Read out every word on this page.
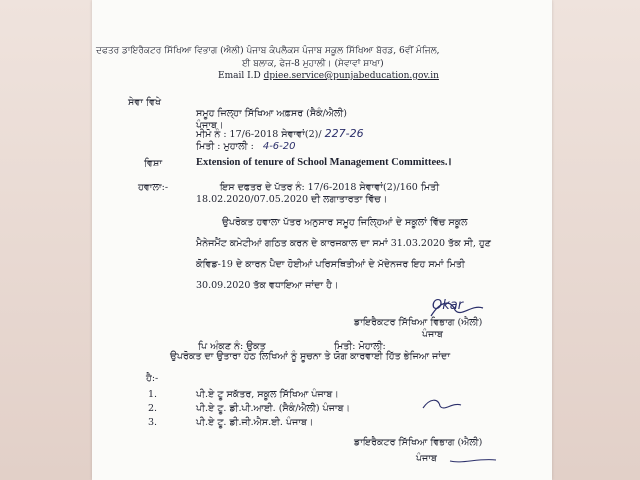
ਦਫਤਰ ਡਾਇਰੈਕਟਰ ਸਿੱਖਿਆ ਵਿਭਾਗ (ਐਲੀ) ਪੰਜਾਬ ਕੰਪਲੈਕਸ ਪੰਜਾਬ ਸਕੂਲ ਸਿੱਖਿਆ ਬੋਰਡ, 6ਵੀਂ ਮੰਜਿਲ,
ਈ ਬਲਾਕ, ਫੇਜ-8 ਮੁਹਾਲੀ। (ਸੇਵਾਵਾਂ ਸ਼ਾਖਾ)
Email I.D dpiee.service@punjabeducation.gov.in
ਸੇਵਾ ਵਿਖੇ
ਸਮੂਹ ਜਿਲ੍ਹਾ ਸਿੱਖਿਆ ਅਫ਼ਸਰ (ਸੈਕੰ/ਐਲੀ)
ਪੰਜਾਬ।
ਮੀਮੋ ਨੰ : 17/6-2018 ਸੇਵਾਵਾਂ(2)/ 227-26
ਮਿਤੀ : ਮੁਹਾਲੀ : 4-6-20
ਵਿਸ਼ਾ	Extension of tenure of School Management Committees.।
ਹਵਾਲਾ:-	ਇਸ ਦਫਤਰ ਦੇ ਪੱਤਰ ਨੰ: 17/6-2018 ਸੇਵਾਵਾਂ(2)/160 ਮਿਤੀ
18.02.2020/07.05.2020 ਦੀ ਲਗਾਤਾਰਤਾ ਵਿੱਚ।
ਉਪਰੋਕਤ ਹਵਾਲਾ ਪੱਤਰ ਅਨੁਸਾਰ ਸਮੂਹ ਜਿਲ੍ਹਿਆਂ ਦੇ ਸਕੂਲਾਂ ਵਿੱਚ ਸਕੂਲ
ਮੈਨੇਜਮੈਂਟ ਕਮੇਟੀਆਂ ਗਠਿਤ ਕਰਨ ਦੇ ਕਾਰਜਕਾਲ ਦਾ ਸਮਾਂ 31.03.2020 ਤੱਕ ਸੀ, ਹੁਣ
ਕੋਵਿਡ-19 ਦੇ ਕਾਰਨ ਪੈਦਾ ਹੋਈਆਂ ਪਰਿਸਥਿਤੀਆਂ ਦੇ ਮੱਦੇਨਜਰ ਇਹ ਸਮਾਂ ਮਿਤੀ
30.09.2020 ਤੱਕ ਵਧਾਇਆ ਜਾਂਦਾ ਹੈ।
Okar
ਡਾਇਰੈਕਟਰ ਸਿੱਖਿਆ ਵਿਭਾਗ (ਐਲੀ)
ਪੰਜਾਬ
ਪਿ ਅੰਕਣ ਨੰ: ਉਕਤ	ਮਿਤੀ: ਮੋਹਾਲੀ:
ਉਪਰੋਕਤ ਦਾ ਉਤਾਰਾ ਹੇਠ ਲਿਖਿਆਂ ਨੂੰ ਸੂਚਨਾ ਤੇ ਯੋਗ ਕਾਰਵਾਈ ਹਿੱਤ ਭੇਜਿਆ ਜਾਂਦਾ
ਹੈ:-
1.	ਪੀ.ਏ ਟੂ ਸਕੱਤਰ, ਸਕੂਲ ਸਿੱਖਿਆ ਪੰਜਾਬ।
2.	ਪੀ.ਏ ਟੂ. ਡੀ.ਪੀ.ਆਈ. (ਸੈਕੰ/ਐਲੀ) ਪੰਜਾਬ।
3.	ਪੀ.ਏ ਟੂ. ਡੀ.ਜੀ.ਐਸ.ਈ. ਪੰਜਾਬ।
ਡਾਇਰੈਕਟਰ ਸਿੱਖਿਆ ਵਿਭਾਗ (ਐਲੀ)
ਪੰਜਾਬ
